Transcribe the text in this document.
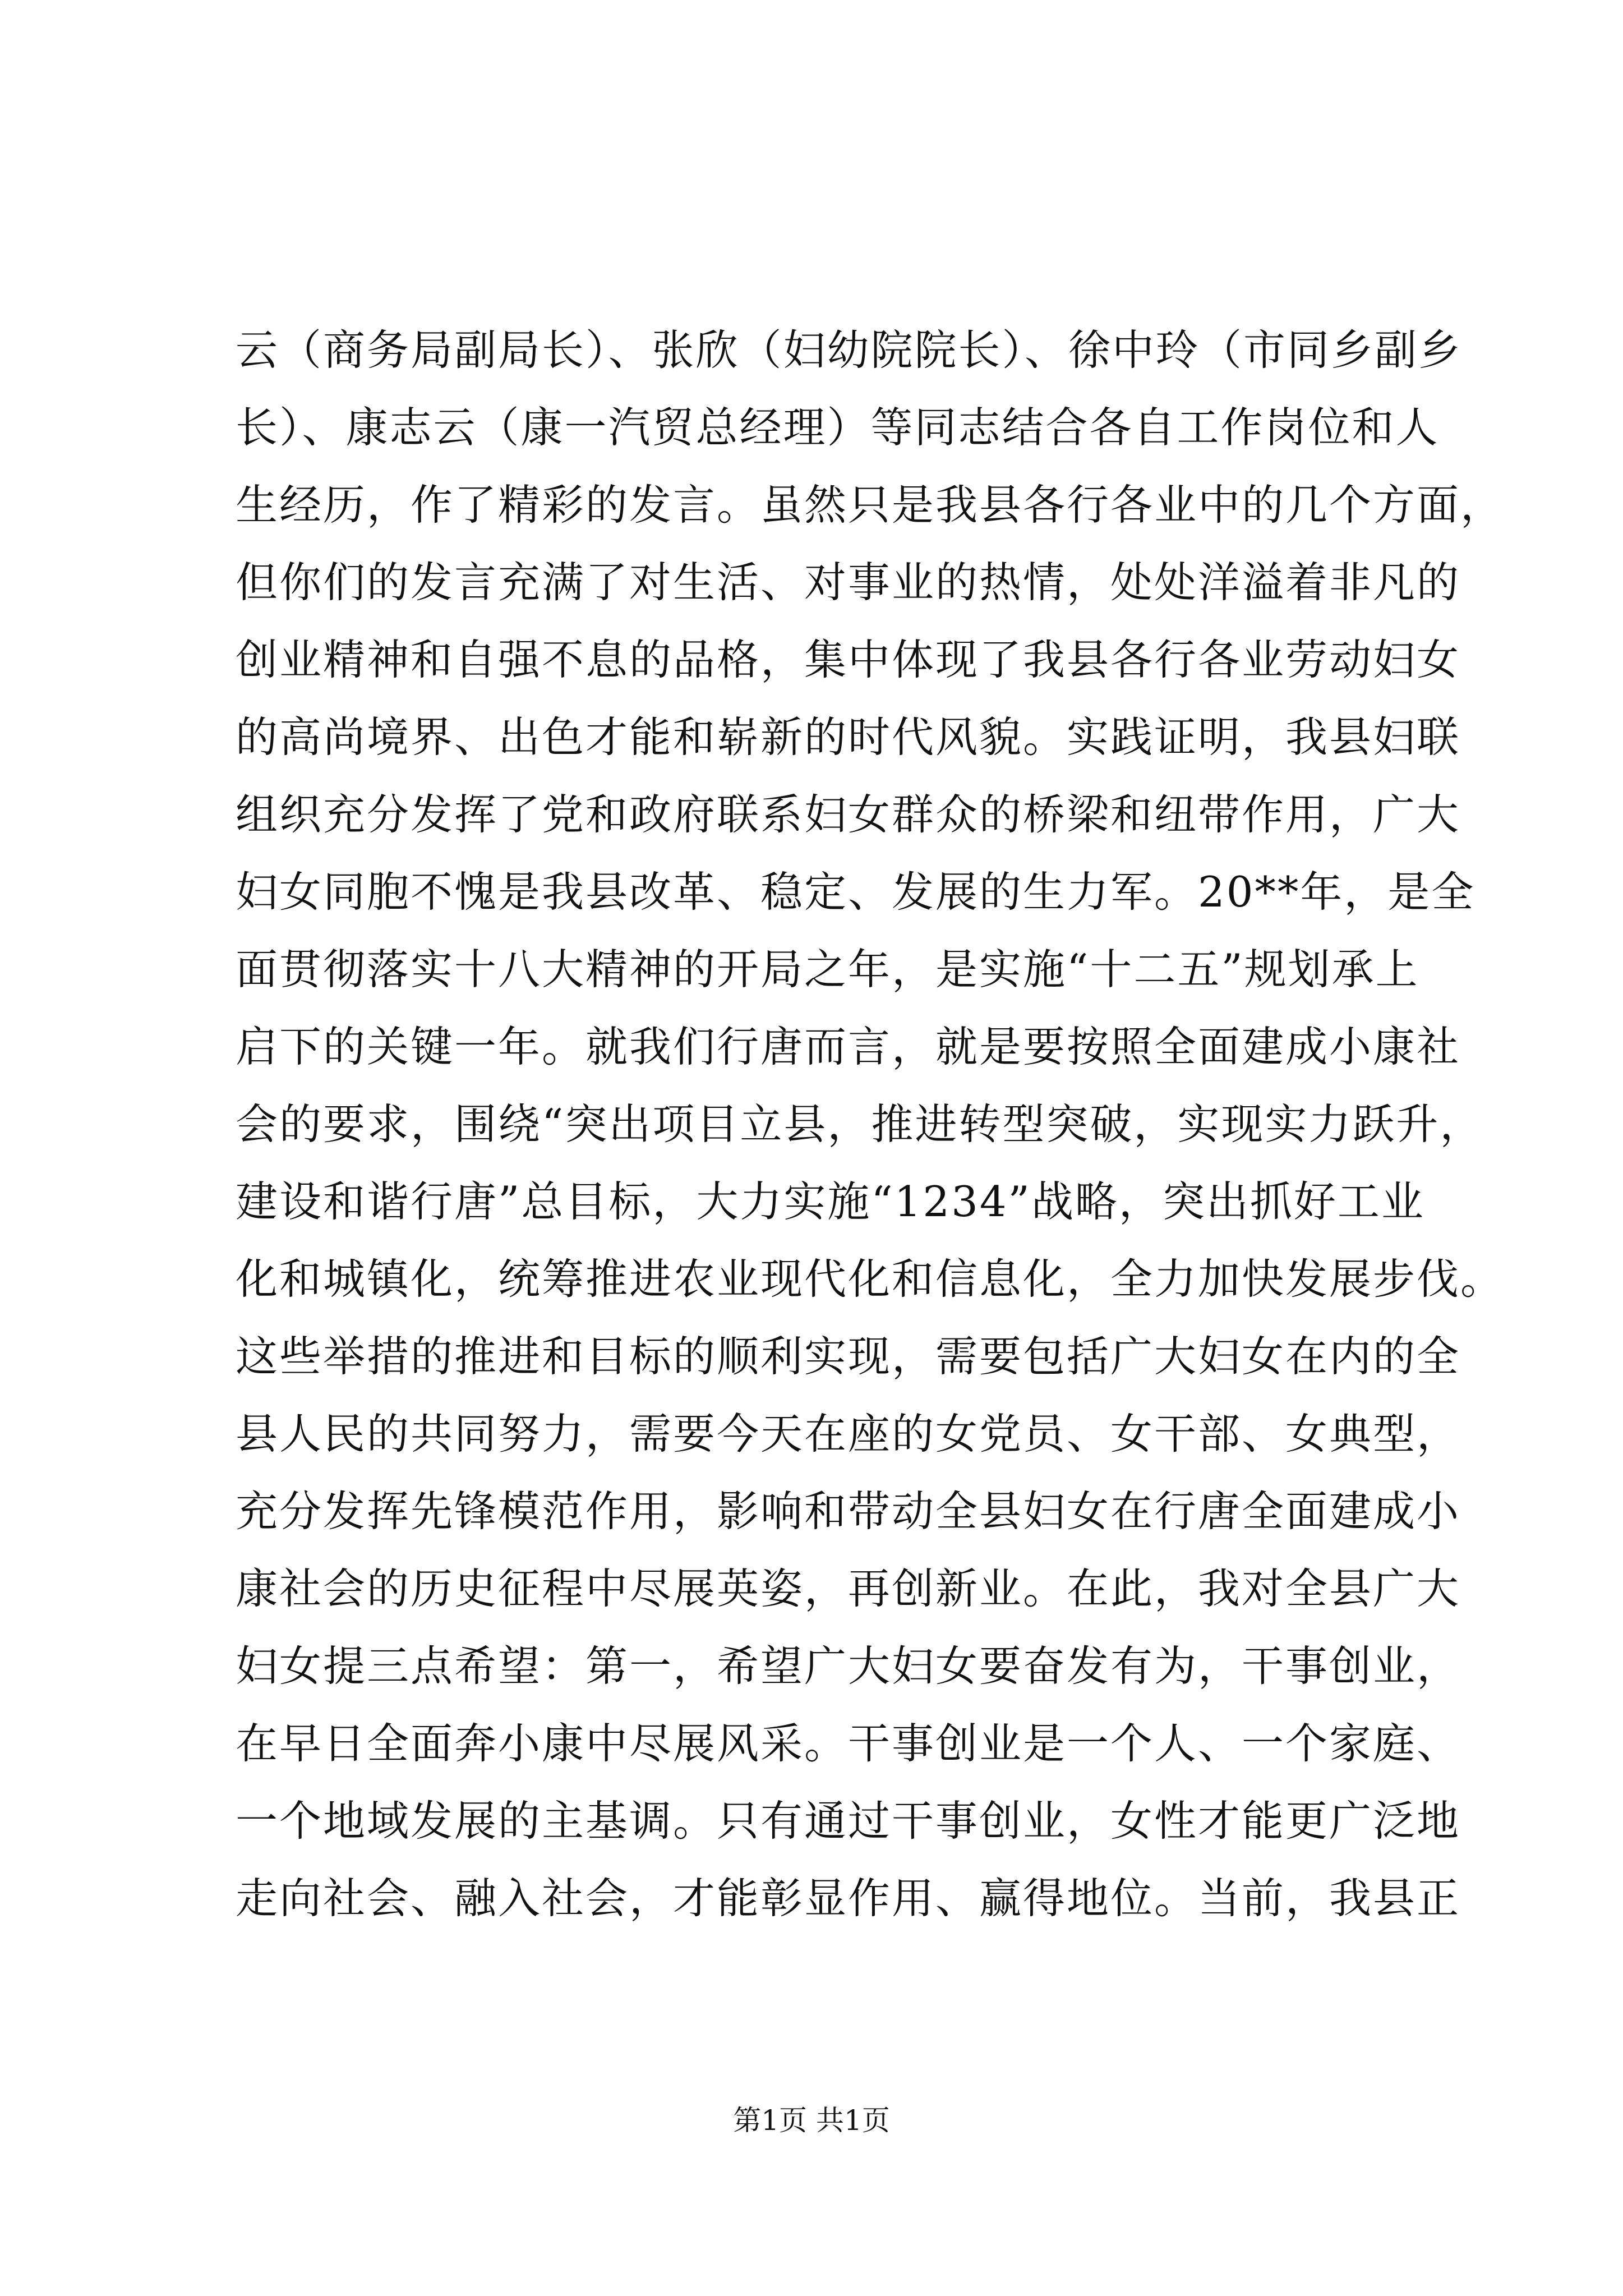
云（商务局副局长）、张欣（妇幼院院长）、徐中玲（市同乡副乡
长）、康志云（康一汽贸总经理）等同志结合各自工作岗位和人
生经历，作了精彩的发言。虽然只是我县各行各业中的几个方面，
但你们的发言充满了对生活、对事业的热情，处处洋溢着非凡的
创业精神和自强不息的品格，集中体现了我县各行各业劳动妇女
的高尚境界、出色才能和崭新的时代风貌。实践证明，我县妇联
组织充分发挥了党和政府联系妇女群众的桥梁和纽带作用，广大
妇女同胞不愧是我县改革、稳定、发展的生力军。20**年，是全
面贯彻落实十八大精神的开局之年，是实施“十二五”规划承上
启下的关键一年。就我们行唐而言，就是要按照全面建成小康社
会的要求，围绕“突出项目立县，推进转型突破，实现实力跃升，
建设和谐行唐”总目标，大力实施“1234”战略，突出抓好工业
化和城镇化，统筹推进农业现代化和信息化，全力加快发展步伐。
这些举措的推进和目标的顺利实现，需要包括广大妇女在内的全
县人民的共同努力，需要今天在座的女党员、女干部、女典型，
充分发挥先锋模范作用，影响和带动全县妇女在行唐全面建成小
康社会的历史征程中尽展英姿，再创新业。在此，我对全县广大
妇女提三点希望：第一，希望广大妇女要奋发有为，干事创业，
在早日全面奔小康中尽展风采。干事创业是一个人、一个家庭、
一个地域发展的主基调。只有通过干事创业，女性才能更广泛地
走向社会、融入社会，才能彰显作用、赢得地位。当前，我县正
第1页 共1页
